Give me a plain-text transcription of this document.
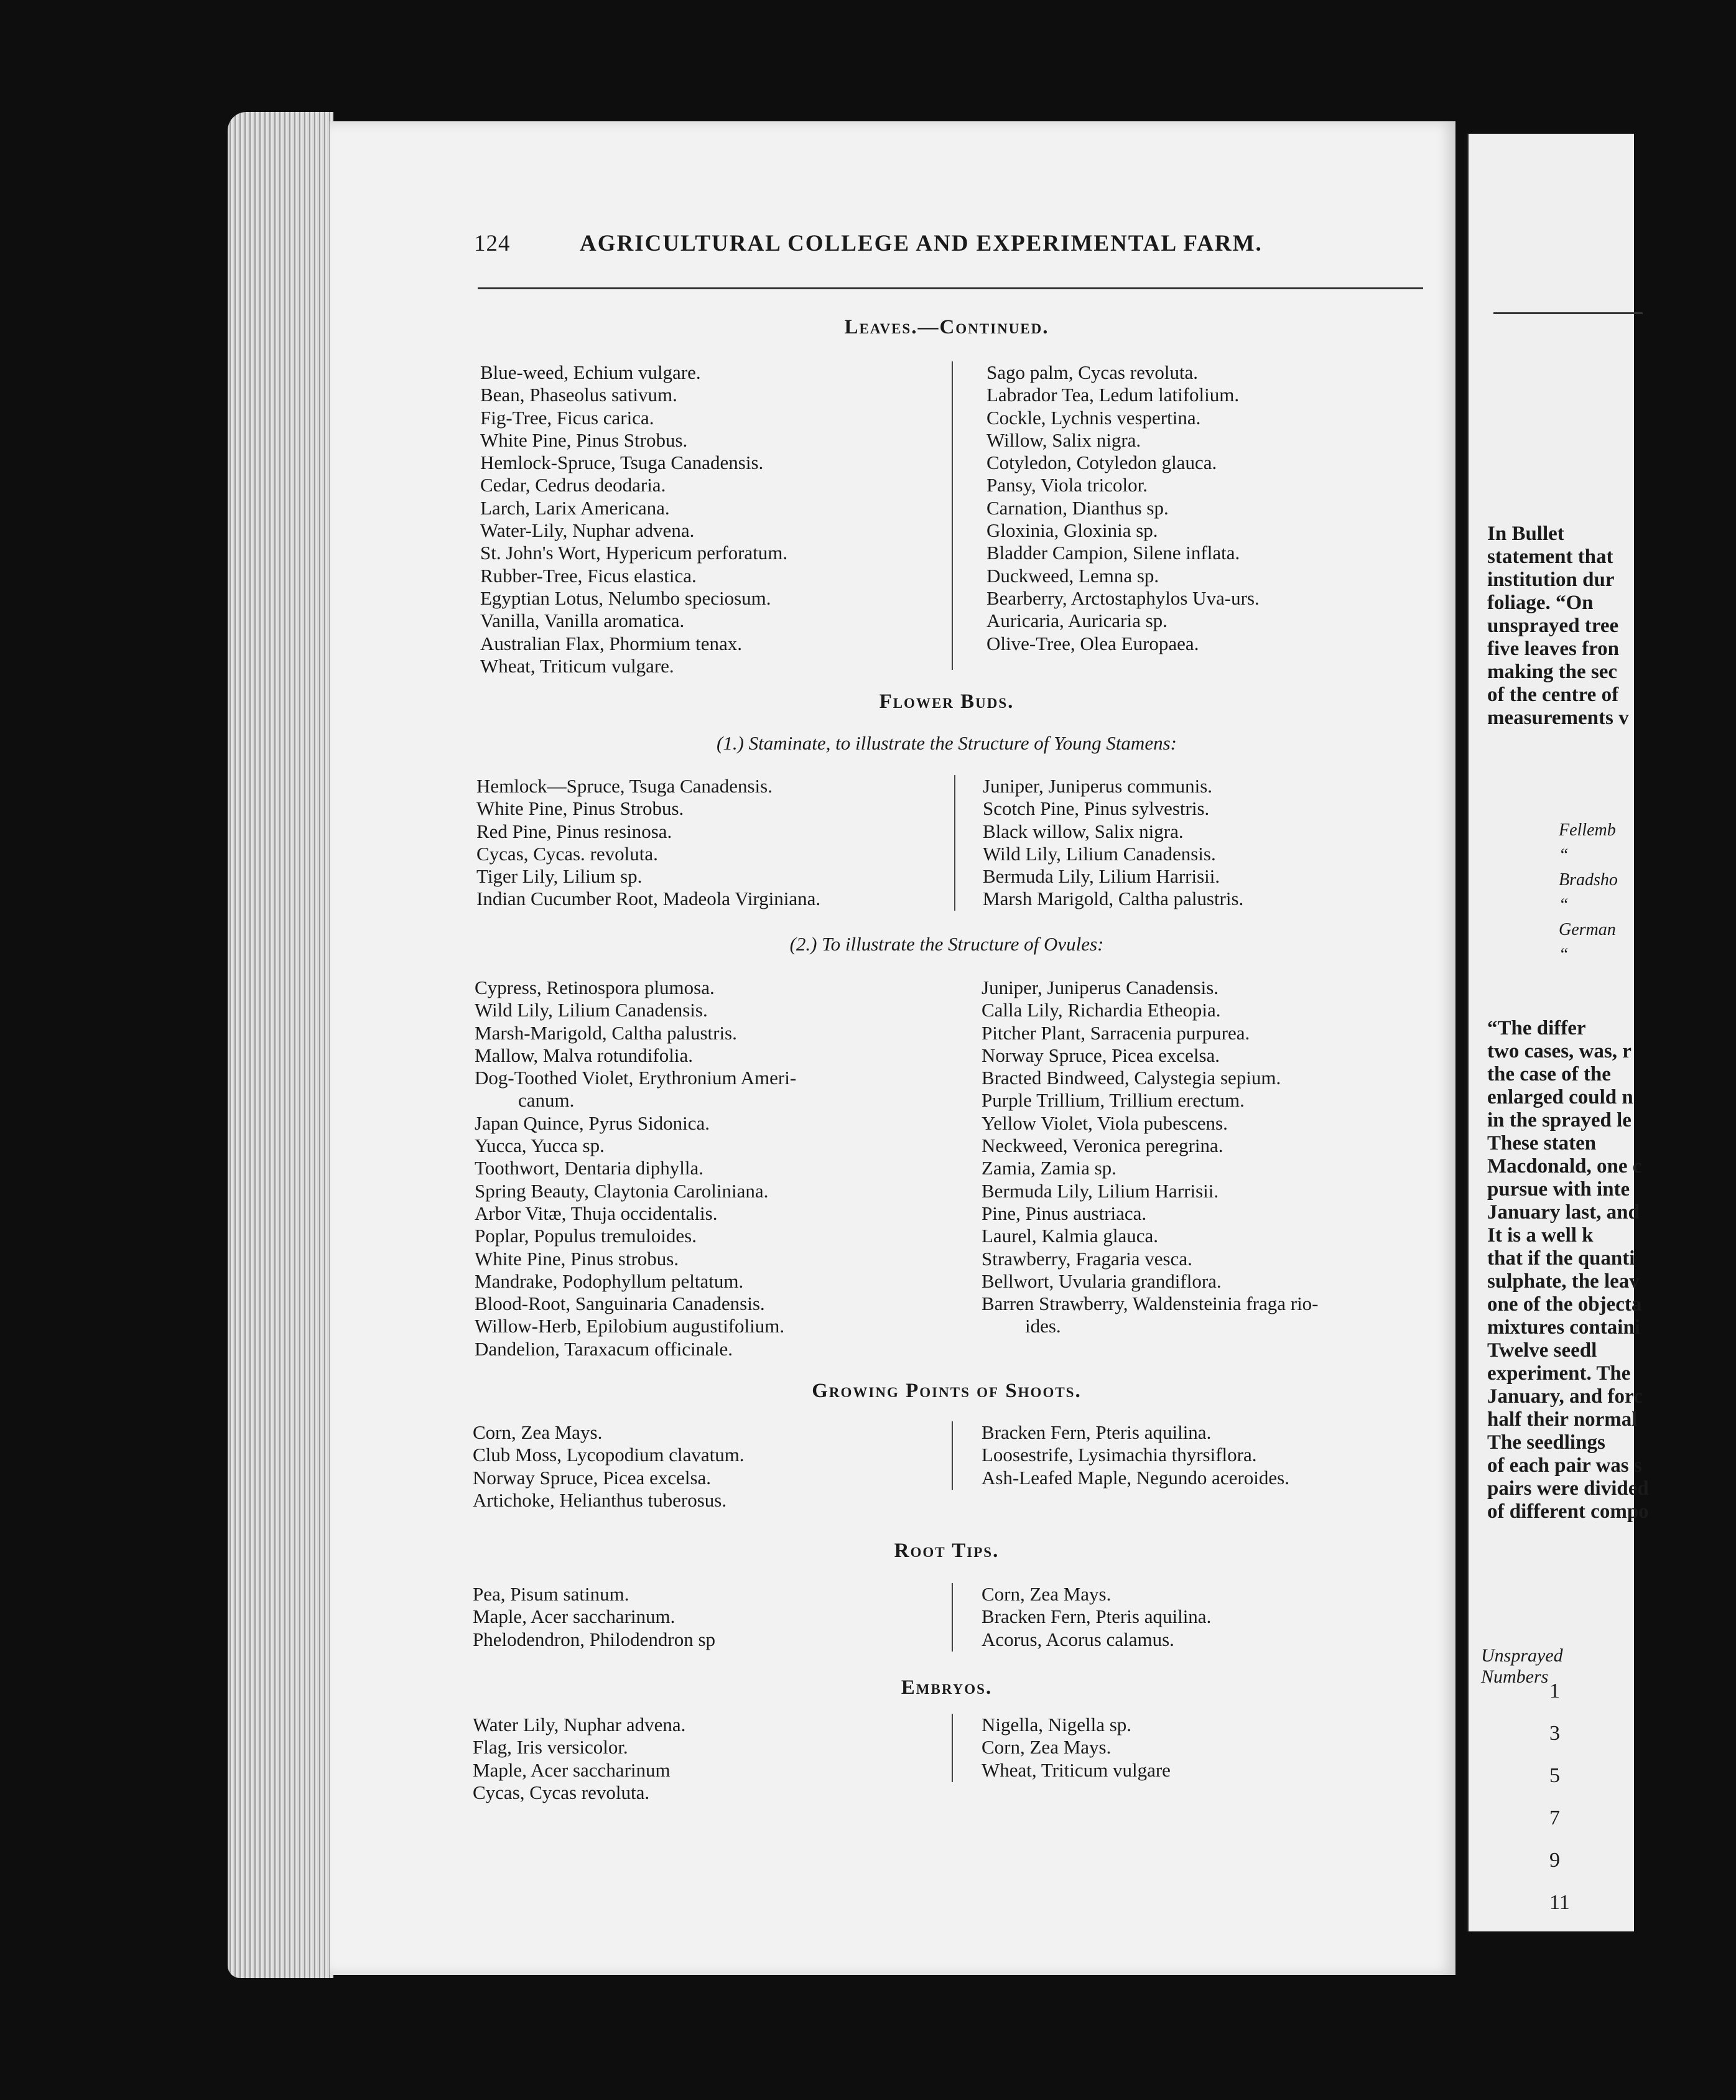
124	AGRICULTURAL COLLEGE AND EXPERIMENTAL FARM.
Leaves.—Continued.
Blue-weed, Echium vulgare.
Bean, Phaseolus sativum.
Fig-Tree, Ficus carica.
White Pine, Pinus Strobus.
Hemlock-Spruce, Tsuga Canadensis.
Cedar, Cedrus deodaria.
Larch, Larix Americana.
Water-Lily, Nuphar advena.
St. John's Wort, Hypericum perforatum.
Rubber-Tree, Ficus elastica.
Egyptian Lotus, Nelumbo speciosum.
Vanilla, Vanilla aromatica.
Australian Flax, Phormium tenax.
Wheat, Triticum vulgare.
Sago palm, Cycas revoluta.
Labrador Tea, Ledum latifolium.
Cockle, Lychnis vespertina.
Willow, Salix nigra.
Cotyledon, Cotyledon glauca.
Pansy, Viola tricolor.
Carnation, Dianthus sp.
Gloxinia, Gloxinia sp.
Bladder Campion, Silene inflata.
Duckweed, Lemna sp.
Bearberry, Arctostaphylos Uva-urs.
Auricaria, Auricaria sp.
Olive-Tree, Olea Europaea.
Flower Buds.
(1.) Staminate, to illustrate the Structure of Young Stamens:
Hemlock—Spruce, Tsuga Canadensis.
White Pine, Pinus Strobus.
Red Pine, Pinus resinosa.
Cycas, Cycas. revoluta.
Tiger Lily, Lilium sp.
Indian Cucumber Root, Madeola Virginiana.
Juniper, Juniperus communis.
Scotch Pine, Pinus sylvestris.
Black willow, Salix nigra.
Wild Lily, Lilium Canadensis.
Bermuda Lily, Lilium Harrisii.
Marsh Marigold, Caltha palustris.
(2.) To illustrate the Structure of Ovules:
Cypress, Retinospora plumosa.
Wild Lily, Lilium Canadensis.
Marsh-Marigold, Caltha palustris.
Mallow, Malva rotundifolia.
Dog-Toothed Violet, Erythronium Ameri-
canum.
Japan Quince, Pyrus Sidonica.
Yucca, Yucca sp.
Toothwort, Dentaria diphylla.
Spring Beauty, Claytonia Caroliniana.
Arbor Vitæ, Thuja occidentalis.
Poplar, Populus tremuloides.
White Pine, Pinus strobus.
Mandrake, Podophyllum peltatum.
Blood-Root, Sanguinaria Canadensis.
Willow-Herb, Epilobium augustifolium.
Dandelion, Taraxacum officinale.
Juniper, Juniperus Canadensis.
Calla Lily, Richardia Etheopia.
Pitcher Plant, Sarracenia purpurea.
Norway Spruce, Picea excelsa.
Bracted Bindweed, Calystegia sepium.
Purple Trillium, Trillium erectum.
Yellow Violet, Viola pubescens.
Neckweed, Veronica peregrina.
Zamia, Zamia sp.
Bermuda Lily, Lilium Harrisii.
Pine, Pinus austriaca.
Laurel, Kalmia glauca.
Strawberry, Fragaria vesca.
Bellwort, Uvularia grandiflora.
Barren Strawberry, Waldensteinia fraga rio-
ides.
Growing Points of Shoots.
Corn, Zea Mays.
Club Moss, Lycopodium clavatum.
Norway Spruce, Picea excelsa.
Artichoke, Helianthus tuberosus.
Bracken Fern, Pteris aquilina.
Loosestrife, Lysimachia thyrsiflora.
Ash-Leafed Maple, Negundo aceroides.
Root Tips.
Pea, Pisum satinum.
Maple, Acer saccharinum.
Phelodendron, Philodendron sp
Corn, Zea Mays.
Bracken Fern, Pteris aquilina.
Acorus, Acorus calamus.
Embryos.
Water Lily, Nuphar advena.
Flag, Iris versicolor.
Maple, Acer saccharinum
Cycas, Cycas revoluta.
Nigella, Nigella sp.
Corn, Zea Mays.
Wheat, Triticum vulgare
In Bullet
statement that
institution dur
foliage. “On
unsprayed tree
five leaves fron
making the sec
of the centre of
measurements v
Fellemb
“
Bradsho
“
German
“
“The differ
two cases, was, r
the case of the
enlarged could n
in the sprayed le
These staten
Macdonald, one c
pursue with inte
January last, and
It is a well k
that if the quanti
sulphate, the leav
one of the objecta
mixtures containi
Twelve seedl
experiment. The
January, and forc
half their normal
The seedlings
of each pair was s
pairs were divided
of different compo
Unsprayed Numbers
1
3
5
7
9
11
